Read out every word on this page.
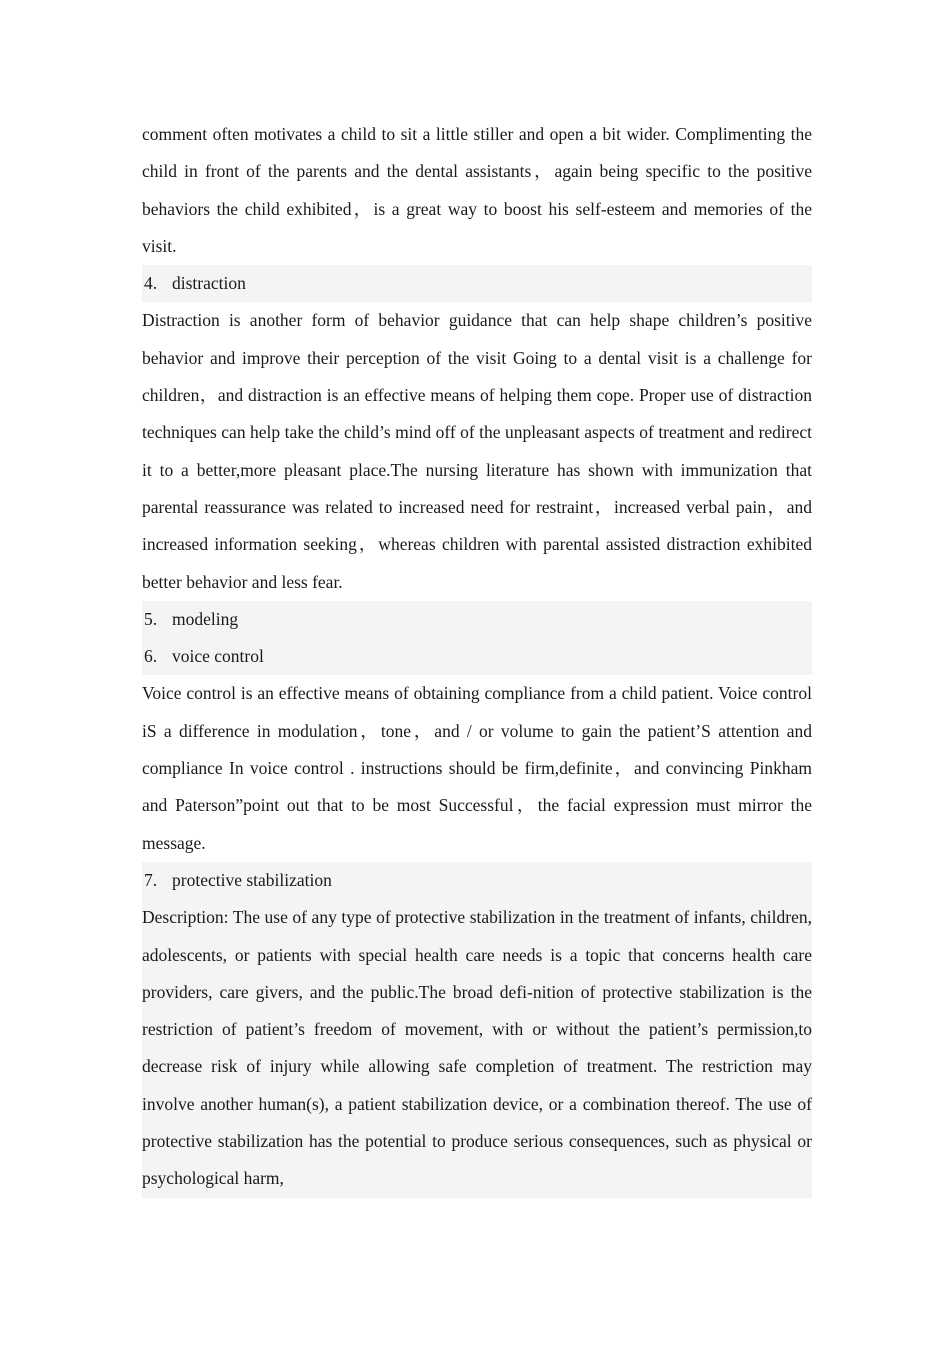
comment often motivates a child to sit a little stiller and open a bit wider. Complimenting the child in front of the parents and the dental assistants，again being specific to the positive behaviors the child exhibited，is a great way to boost his self-esteem and memories of the visit.

4. distraction

Distraction is another form of behavior guidance that can help shape children’s positive behavior and improve their perception of the visit Going to a dental visit is a challenge for children，and distraction is an effective means of helping them cope. Proper use of distraction techniques can help take the child’s mind off of the unpleasant aspects of treatment and redirect it to a better,more pleasant place.The nursing literature has shown with immunization that parental reassurance was related to increased need for restraint，increased verbal pain，and increased information seeking，whereas children with parental assisted distraction exhibited better behavior and less fear.

5. modeling
6. voice control

Voice control is an effective means of obtaining compliance from a child patient. Voice control iS a difference in modulation，tone，and / or volume to gain the patient’S attention and compliance In voice control . instructions should be firm,definite，and convincing Pinkham and Paterson”point out that to be most Successful，the facial expression must mirror the message.

7. protective stabilization

Description: The use of any type of protective stabilization in the treatment of infants, children, adolescents, or patients with special health care needs is a topic that concerns health care providers, care givers, and the public.The broad defi-nition of protective stabilization is the restriction of patient’s freedom of movement, with or without the patient’s permission,to decrease risk of injury while allowing safe completion of treatment. The restriction may involve another human(s), a patient stabilization device, or a combination thereof. The use of protective stabilization has the potential to produce serious consequences, such as physical or psychological harm,
